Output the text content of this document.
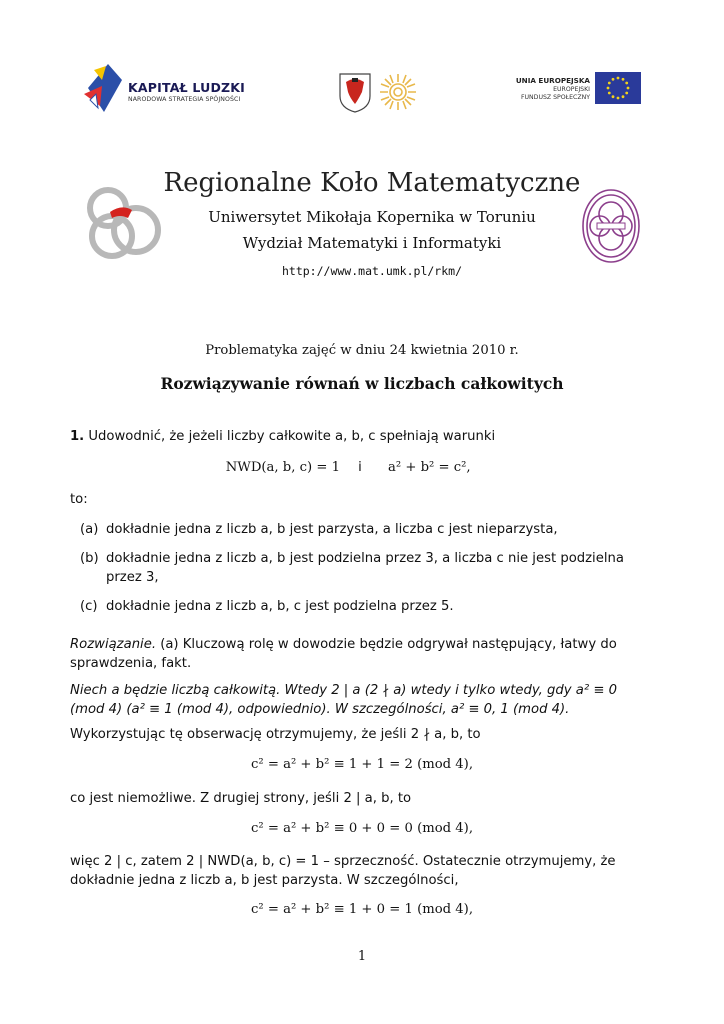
KAPITAŁ LUDZKI
NARODOWA STRATEGIA SPÓJNOŚCI
UNIA EUROPEJSKA
EUROPEJSKI
FUNDUSZ SPOŁECZNY
Regionalne Koło Matematyczne
Uniwersytet Mikołaja Kopernika w Toruniu
Wydział Matematyki i Informatyki
http://www.mat.umk.pl/rkm/
Problematyka zajęć w dniu 24 kwietnia 2010 r.
Rozwiązywanie równań w liczbach całkowitych
1. Udowodnić, że jeżeli liczby całkowite a, b, c spełniają warunki
NWD(a, b, c) = 1	i	a² + b² = c²,
to:
(a) dokładnie jedna z liczb a, b jest parzysta, a liczba c jest nieparzysta,
(b) dokładnie jedna z liczb a, b jest podzielna przez 3, a liczba c nie jest podzielna
przez 3,
(c) dokładnie jedna z liczb a, b, c jest podzielna przez 5.
Rozwiązanie. (a) Kluczową rolę w dowodzie będzie odgrywał następujący, łatwy do
sprawdzenia, fakt.
Niech a będzie liczbą całkowitą. Wtedy 2 | a (2 ∤ a) wtedy i tylko wtedy, gdy a² ≡ 0
(mod 4) (a² ≡ 1 (mod 4), odpowiednio). W szczególności, a² ≡ 0, 1 (mod 4).
Wykorzystując tę obserwację otrzymujemy, że jeśli 2 ∤ a, b, to
c² = a² + b² ≡ 1 + 1 = 2 (mod 4),
co jest niemożliwe. Z drugiej strony, jeśli 2 | a, b, to
c² = a² + b² ≡ 0 + 0 = 0 (mod 4),
więc 2 | c, zatem 2 | NWD(a, b, c) = 1 – sprzeczność. Ostatecznie otrzymujemy, że
dokładnie jedna z liczb a, b jest parzysta. W szczególności,
c² = a² + b² ≡ 1 + 0 = 1 (mod 4),
1
